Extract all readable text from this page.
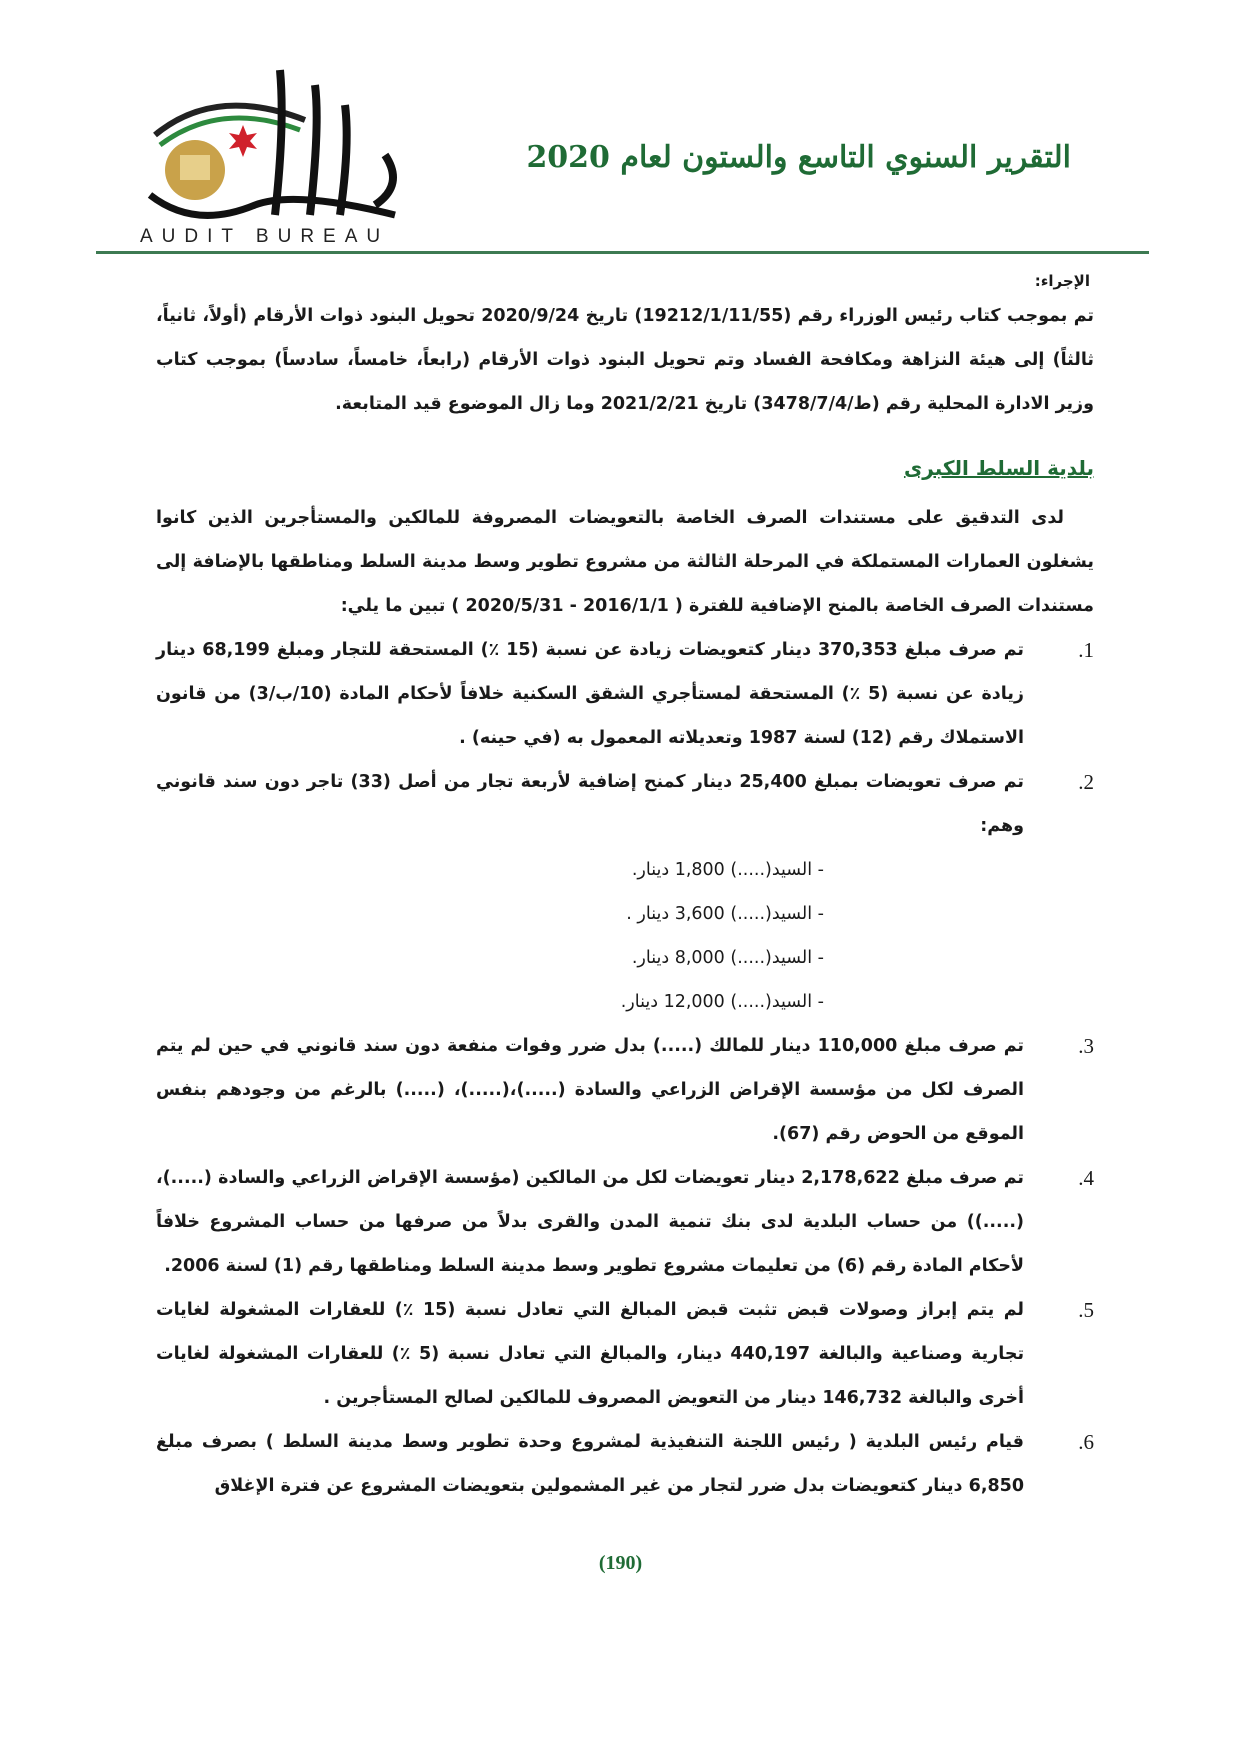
التقرير السنوي التاسع والستون لعام 2020
AUDIT BUREAU
الإجراء:

تم بموجب كتاب رئيس الوزراء رقم (19212/1/11/55) تاريخ 2020/9/24 تحويل البنود ذوات الأرقام (أولاً، ثانياً، ثالثاً) إلى هيئة النزاهة ومكافحة الفساد وتم تحويل البنود ذوات الأرقام (رابعاً، خامساً، سادساً) بموجب كتاب وزير الادارة المحلية رقم (ط/3478/7/4) تاريخ 2021/2/21 وما زال الموضوع قيد المتابعة.

بلدية السلط الكبرى

لدى التدقيق على مستندات الصرف الخاصة بالتعويضات المصروفة للمالكين والمستأجرين الذين كانوا يشغلون العمارات المستملكة في المرحلة الثالثة من مشروع تطوير وسط مدينة السلط ومناطقها بالإضافة إلى مستندات الصرف الخاصة بالمنح الإضافية للفترة ( 2016/1/1 - 2020/5/31 ) تبين ما يلي:

1.
تم صرف مبلغ 370,353 دينار كتعويضات زيادة عن نسبة (15 ٪) المستحقة للتجار ومبلغ 68,199 دينار زيادة عن نسبة (5 ٪) المستحقة لمستأجري الشقق السكنية خلافاً لأحكام المادة (10/ب/3) من قانون الاستملاك رقم (12) لسنة 1987 وتعديلاته المعمول به (في حينه) .
2.
تم صرف تعويضات بمبلغ 25,400 دينار كمنح إضافية لأربعة تجار من أصل (33) تاجر دون سند قانوني وهم:
- السيد(.....) 1,800 دينار.
- السيد(.....) 3,600 دينار .
- السيد(.....) 8,000 دينار.
- السيد(.....) 12,000 دينار.
3.
تم صرف مبلغ 110,000 دينار للمالك (.....) بدل ضرر وفوات منفعة دون سند قانوني في حين لم يتم الصرف لكل من مؤسسة الإقراض الزراعي والسادة (.....)،(.....)، (.....) بالرغم من وجودهم بنفس الموقع من الحوض رقم (67).
4.
تم صرف مبلغ 2,178,622 دينار تعويضات لكل من المالكين (مؤسسة الإقراض الزراعي والسادة (.....)،(.....)) من حساب البلدية لدى بنك تنمية المدن والقرى بدلاً من صرفها من حساب المشروع خلافاً لأحكام المادة رقم (6) من تعليمات مشروع تطوير وسط مدينة السلط ومناطقها رقم (1) لسنة 2006.
5.
لم يتم إبراز وصولات قبض تثبت قبض المبالغ التي تعادل نسبة (15 ٪) للعقارات المشغولة لغايات تجارية وصناعية والبالغة 440,197 دينار، والمبالغ التي تعادل نسبة (5 ٪) للعقارات المشغولة لغايات أخرى والبالغة 146,732 دينار من التعويض المصروف للمالكين لصالح المستأجرين .
6.
قيام رئيس البلدية ( رئيس اللجنة التنفيذية لمشروع وحدة تطوير وسط مدينة السلط ) بصرف مبلغ 6,850 دينار كتعويضات بدل ضرر لتجار من غير المشمولين بتعويضات المشروع عن فترة الإغلاق
(190)
